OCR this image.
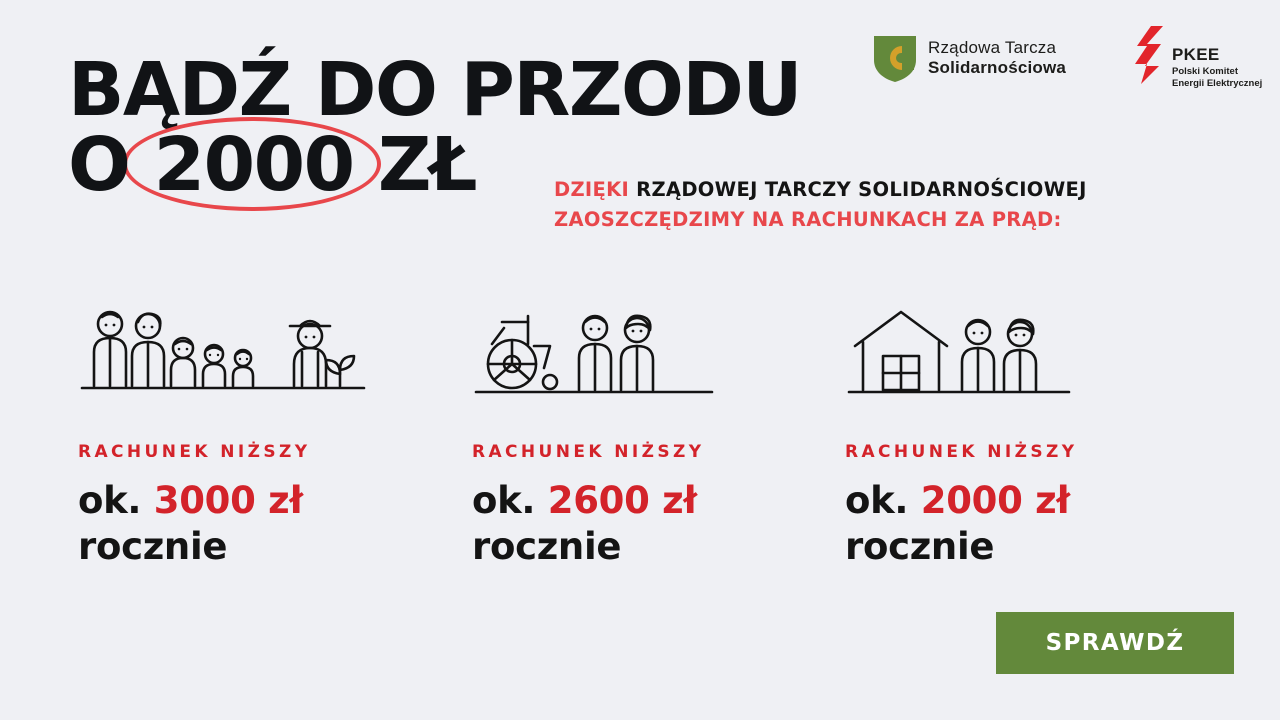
Rządowa Tarcza
Solidarnościowa
PKEE
Polski Komitet
Energii Elektrycznej
BĄDŹ DO PRZODU
O 2000 ZŁ	DZIĘKI RZĄDOWEJ TARCZY SOLIDARNOŚCIOWEJ ZAOSZCZĘDZIMY NA RACHUNKACH ZA PRĄD:
RACHUNEK NIŻSZY
ok. 3000 zł
rocznie
RACHUNEK NIŻSZY
ok. 2600 zł
rocznie
RACHUNEK NIŻSZY
ok. 2000 zł
rocznie
SPRAWDŹ
